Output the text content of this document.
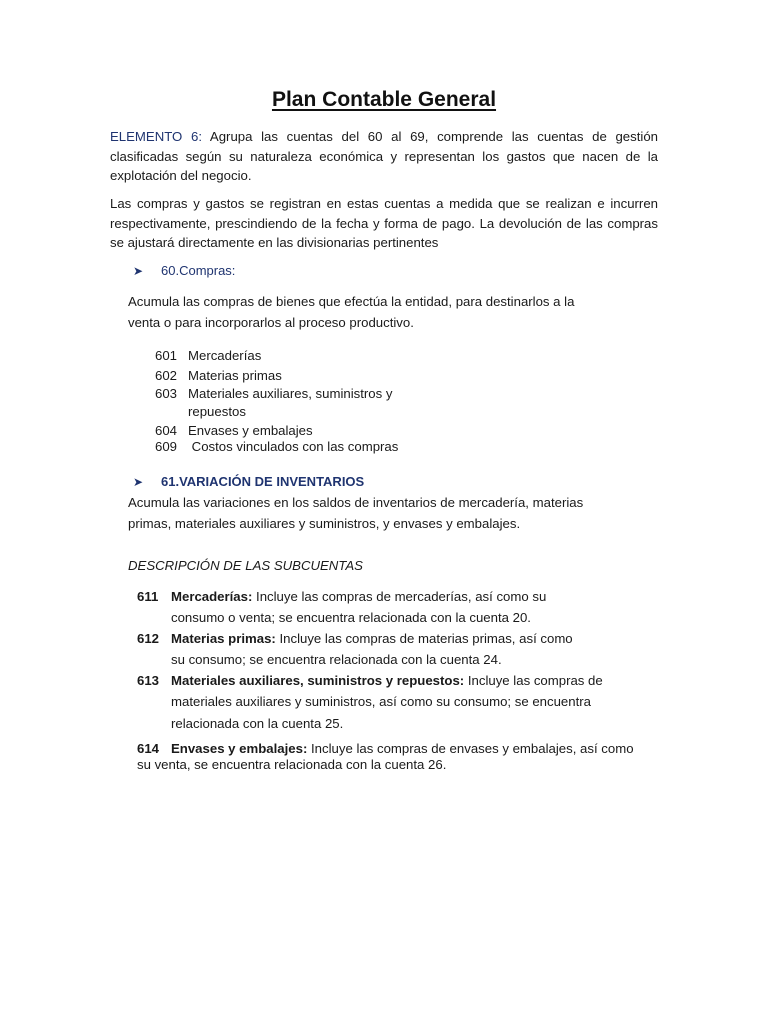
Plan Contable General
ELEMENTO 6: Agrupa las cuentas del 60 al 69, comprende las cuentas de gestión clasificadas según su naturaleza económica y representan los gastos que nacen de la explotación del negocio.
Las compras y gastos se registran en estas cuentas a medida que se realizan e incurren respectivamente, prescindiendo de la fecha y forma de pago. La devolución de las compras se ajustará directamente en las divisionarias pertinentes
➤	60.Compras:
Acumula las compras de bienes que efectúa la entidad, para destinarlos a la
venta o para incorporarlos al proceso productivo.
601 Mercaderías
602 Materias primas
603 Materiales auxiliares, suministros y
repuestos
604 Envases y embalajes
609 Costos vinculados con las compras
➤	61.VARIACIÓN DE INVENTARIOS
Acumula las variaciones en los saldos de inventarios de mercadería, materias
primas, materiales auxiliares y suministros, y envases y embalajes.
DESCRIPCIÓN DE LAS SUBCUENTAS
611 Mercaderías: Incluye las compras de mercaderías, así como su
consumo o venta; se encuentra relacionada con la cuenta 20.
612 Materias primas: Incluye las compras de materias primas, así como
su consumo; se encuentra relacionada con la cuenta 24.
613 Materiales auxiliares, suministros y repuestos: Incluye las compras de
materiales auxiliares y suministros, así como su consumo; se encuentra
relacionada con la cuenta 25.
614 Envases y embalajes: Incluye las compras de envases y embalajes, así como
su venta, se encuentra relacionada con la cuenta 26.
